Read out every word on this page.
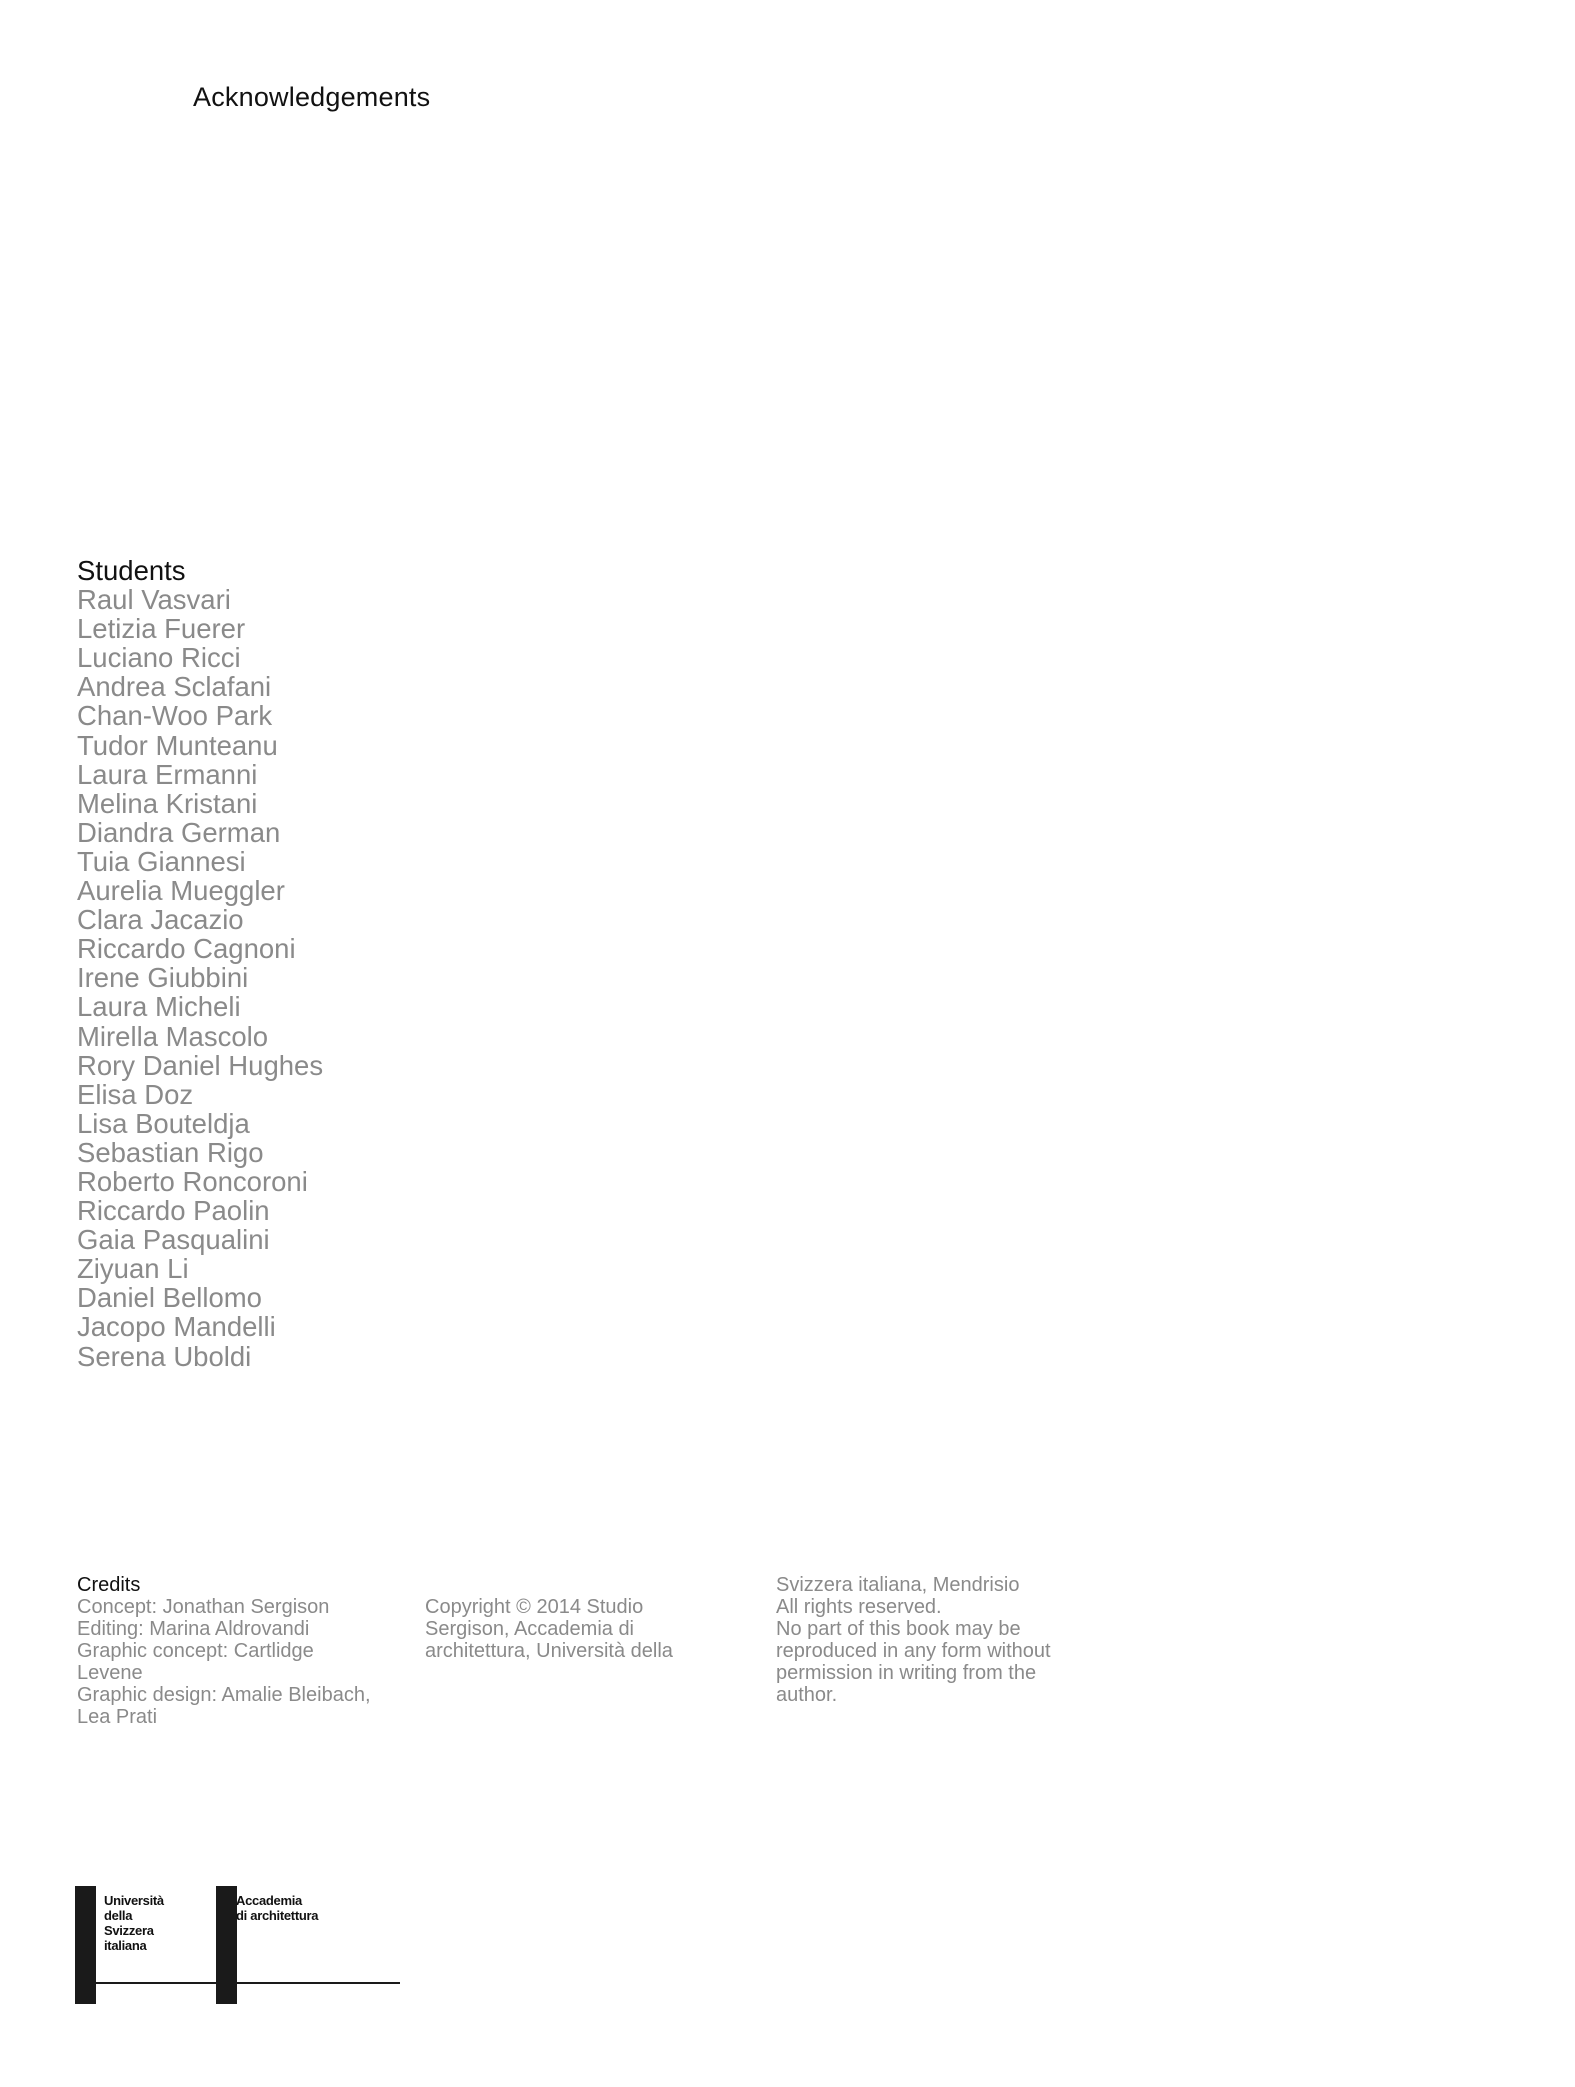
Acknowledgements
Students
Raul Vasvari
Letizia Fuerer
Luciano Ricci
Andrea Sclafani
Chan-Woo Park
Tudor Munteanu
Laura Ermanni
Melina Kristani
Diandra German
Tuia Giannesi
Aurelia Mueggler
Clara Jacazio
Riccardo Cagnoni
Irene Giubbini
Laura Micheli
Mirella Mascolo
Rory Daniel Hughes
Elisa Doz
Lisa Bouteldja
Sebastian Rigo
Roberto Roncoroni
Riccardo Paolin
Gaia Pasqualini
Ziyuan Li
Daniel Bellomo
Jacopo Mandelli
Serena Uboldi
Credits
Concept: Jonathan Sergison
Editing: Marina Aldrovandi
Graphic concept: Cartlidge
Levene
Graphic design: Amalie Bleibach,
Lea Prati

Copyright © 2014 Studio
Sergison, Accademia di
architettura, Università della
Svizzera italiana, Mendrisio
All rights reserved.
No part of this book may be
reproduced in any form without
permission in writing from the
author.
Università
della
Svizzera
italiana
Accademia
di architettura
